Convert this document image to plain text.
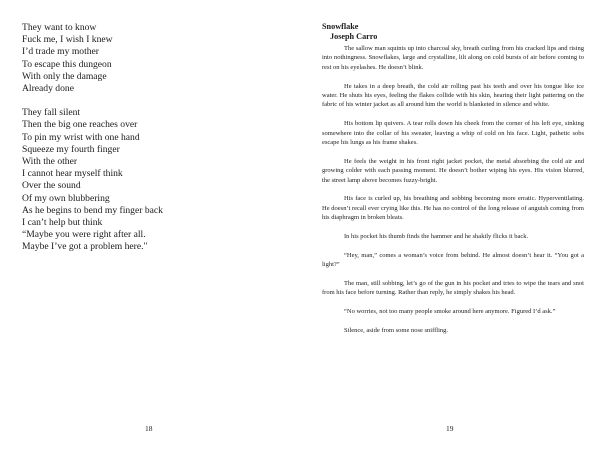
They want to know
Fuck me, I wish I knew
I’d trade my mother
To escape this dungeon
With only the damage
Already done
They fall silent
Then the big one reaches over
To pin my wrist with one hand
Squeeze my fourth finger
With the other
I cannot hear myself think
Over the sound
Of my own blubbering
As he begins to bend my finger back
I can’t help but think
“Maybe you were right after all.
Maybe I’ve got a problem here."
18
Snowflake
Joseph Carro

The sallow man squints up into charcoal sky, breath curling from his cracked lips and rising into nothingness. Snowflakes, large and crystalline, lilt along on cold bursts of air before coming to rest on his eyelashes. He doesn’t blink.

He takes in a deep breath, the cold air rolling past his teeth and over his tongue like ice water. He shuts his eyes, feeling the flakes collide with his skin, hearing their light pattering on the fabric of his winter jacket as all around him the world is blanketed in silence and white.

His bottom lip quivers. A tear rolls down his cheek from the corner of his left eye, sinking somewhere into the collar of his sweater, leaving a whip of cold on his face. Light, pathetic sobs escape his lungs as his frame shakes.

He feels the weight in his front right jacket pocket, the metal absorbing the cold air and growing colder with each passing moment. He doesn’t bother wiping his eyes. His vision blurred, the street lamp above becomes fuzzy-bright.

His face is curled up, his breathing and sobbing becoming more erratic. Hyperventilating. He doesn’t recall ever crying like this. He has no control of the long release of anguish coming from his diaphragm in broken bleats.

In his pocket his thumb finds the hammer and he shakily flicks it back.

“Hey, man,” comes a woman’s voice from behind. He almost doesn’t hear it. “You got a light?”

The man, still sobbing, let’s go of the gun in his pocket and tries to wipe the tears and snot from his face before turning. Rather than reply, he simply shakes his head.

“No worries, not too many people smoke around here anymore. Figured I’d ask.”

Silence, aside from some nose sniffling.

19
